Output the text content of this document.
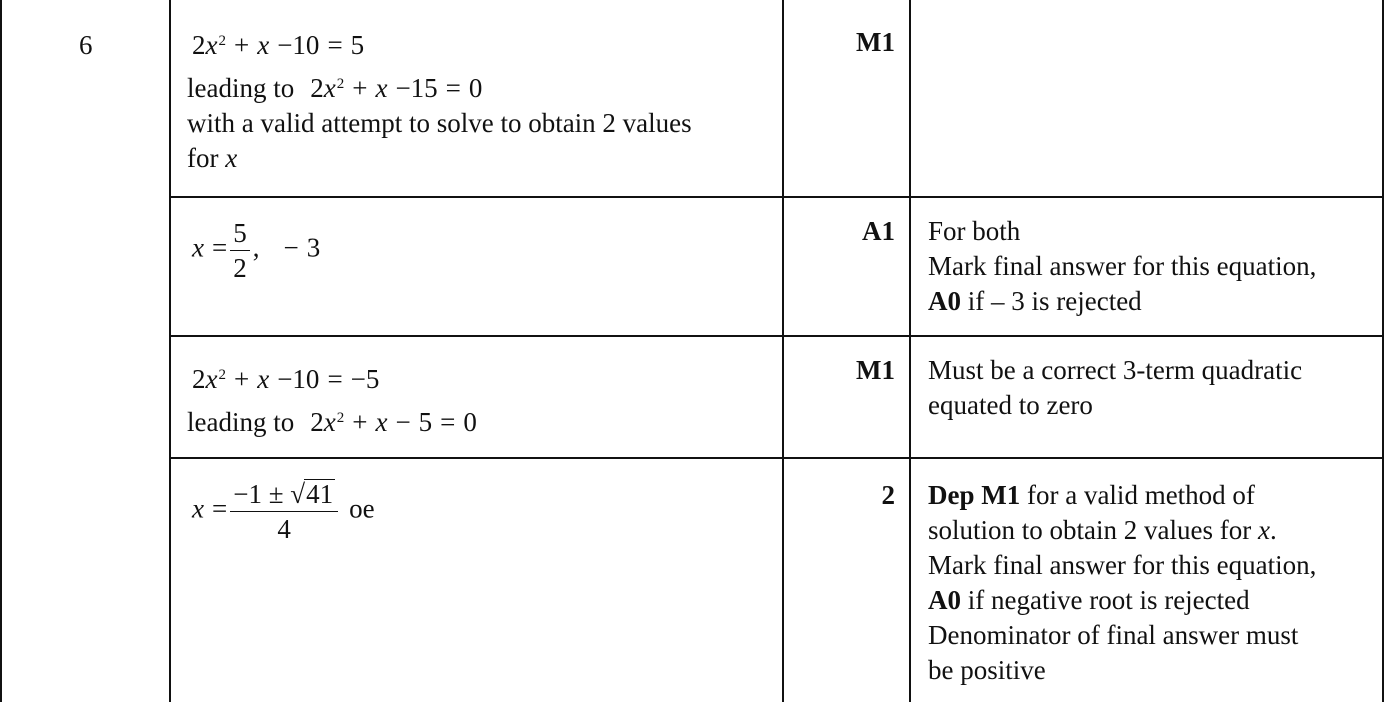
6	$2x^2 + x -10 = 5$
leading to $2x^2 + x -15 = 0$
with a valid attempt to solve to obtain 2 values
for x
M1
$x = \frac{5}{2}$ , − 3
A1 For both
Mark final answer for this equation,
A0 if – 3 is rejected
$2x^2 + x -10 = -5$
leading to $2x^2 + x - 5 = 0$
M1 Must be a correct 3-term quadratic
equated to zero
$x = \frac{-1 \pm √41}{4}$ oe	2 Dep M1 for a valid method of
solution to obtain 2 values for x.
Mark final answer for this equation,
A0 if negative root is rejected
Denominator of final answer must
be positive
